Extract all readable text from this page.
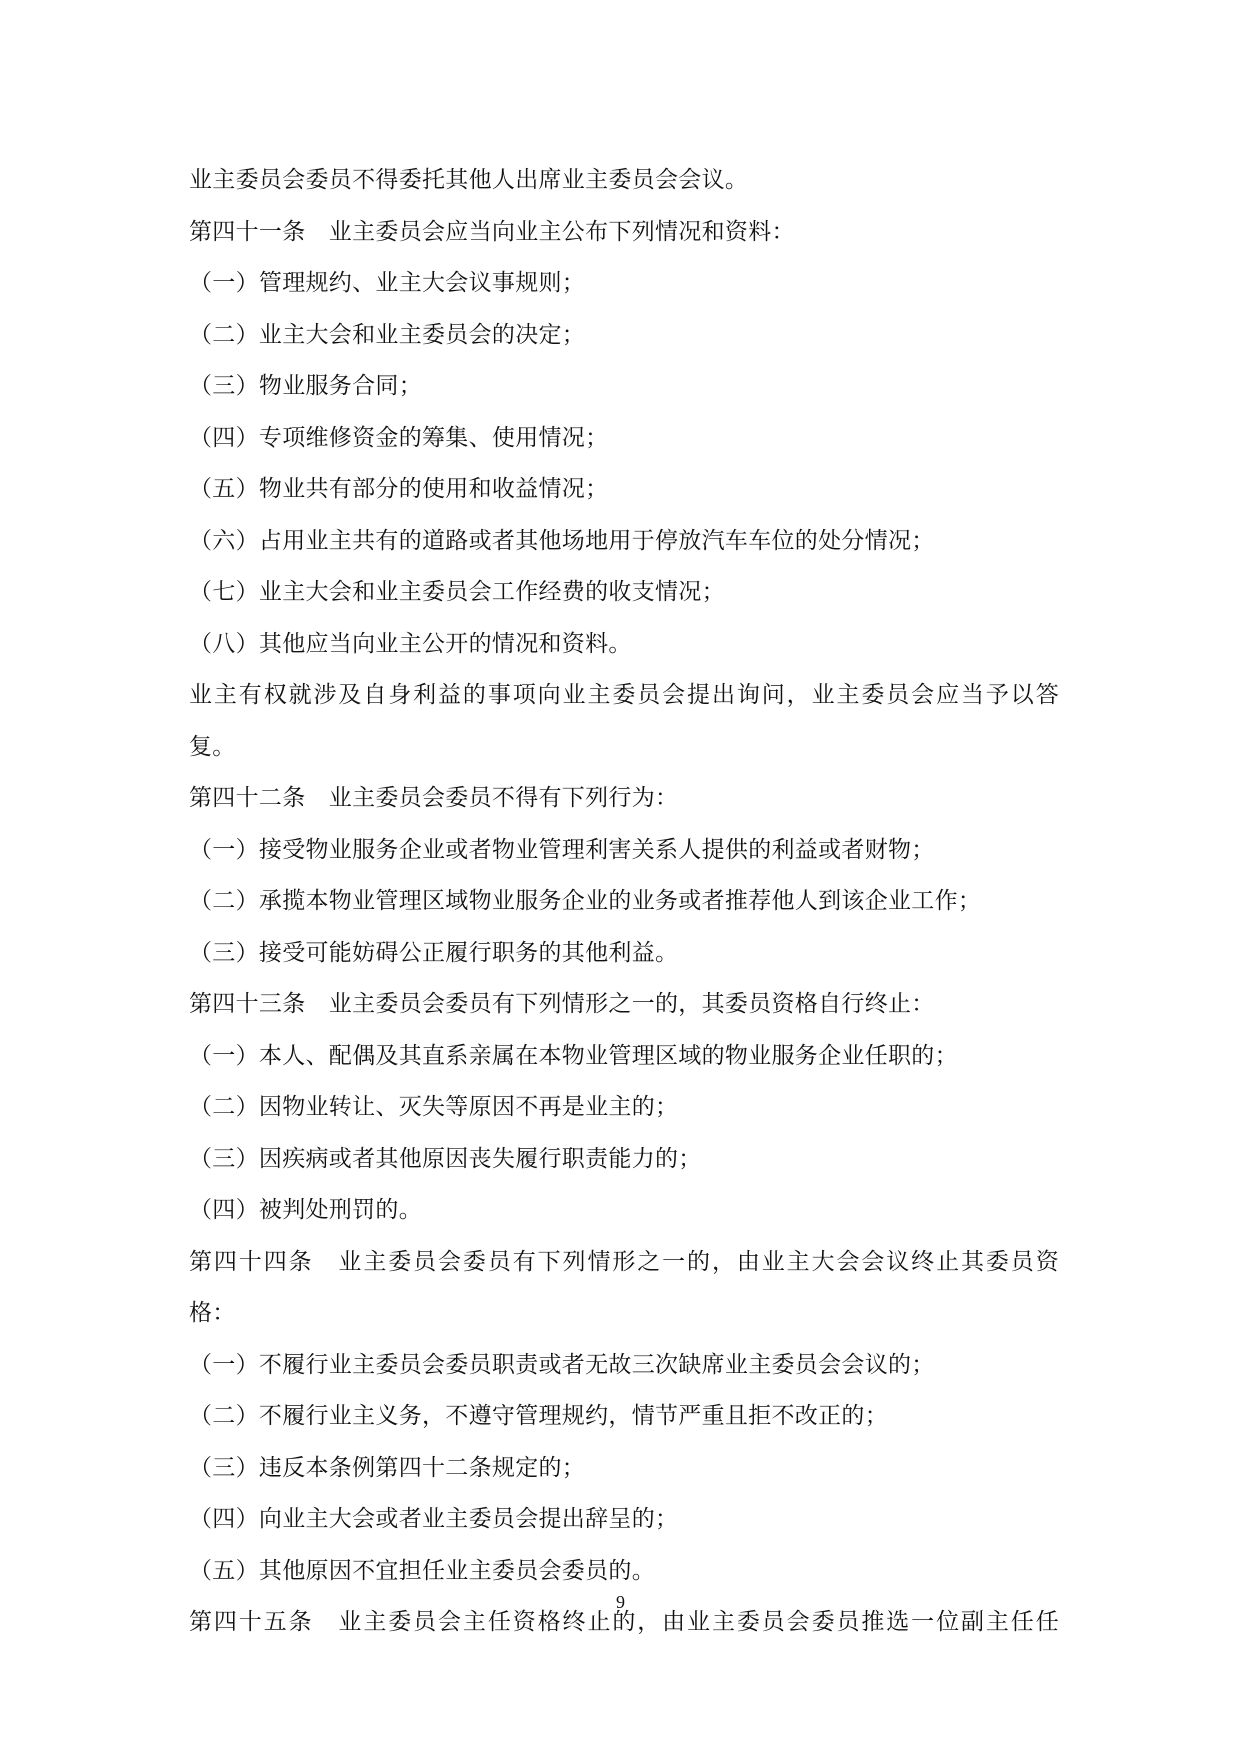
业主委员会委员不得委托其他人出席业主委员会会议。
第四十一条　业主委员会应当向业主公布下列情况和资料：
（一）管理规约、业主大会议事规则；
（二）业主大会和业主委员会的决定；
（三）物业服务合同；
（四）专项维修资金的筹集、使用情况；
（五）物业共有部分的使用和收益情况；
（六）占用业主共有的道路或者其他场地用于停放汽车车位的处分情况；
（七）业主大会和业主委员会工作经费的收支情况；
（八）其他应当向业主公开的情况和资料。
业主有权就涉及自身利益的事项向业主委员会提出询问，业主委员会应当予以答
复。
第四十二条　业主委员会委员不得有下列行为：
（一）接受物业服务企业或者物业管理利害关系人提供的利益或者财物；
（二）承揽本物业管理区域物业服务企业的业务或者推荐他人到该企业工作；
（三）接受可能妨碍公正履行职务的其他利益。
第四十三条　业主委员会委员有下列情形之一的，其委员资格自行终止：
（一）本人、配偶及其直系亲属在本物业管理区域的物业服务企业任职的；
（二）因物业转让、灭失等原因不再是业主的；
（三）因疾病或者其他原因丧失履行职责能力的；
（四）被判处刑罚的。
第四十四条　业主委员会委员有下列情形之一的，由业主大会会议终止其委员资
格：
（一）不履行业主委员会委员职责或者无故三次缺席业主委员会会议的；
（二）不履行业主义务，不遵守管理规约，情节严重且拒不改正的；
（三）违反本条例第四十二条规定的；
（四）向业主大会或者业主委员会提出辞呈的；
（五）其他原因不宜担任业主委员会委员的。
第四十五条　业主委员会主任资格终止的，由业主委员会委员推选一位副主任任
9
